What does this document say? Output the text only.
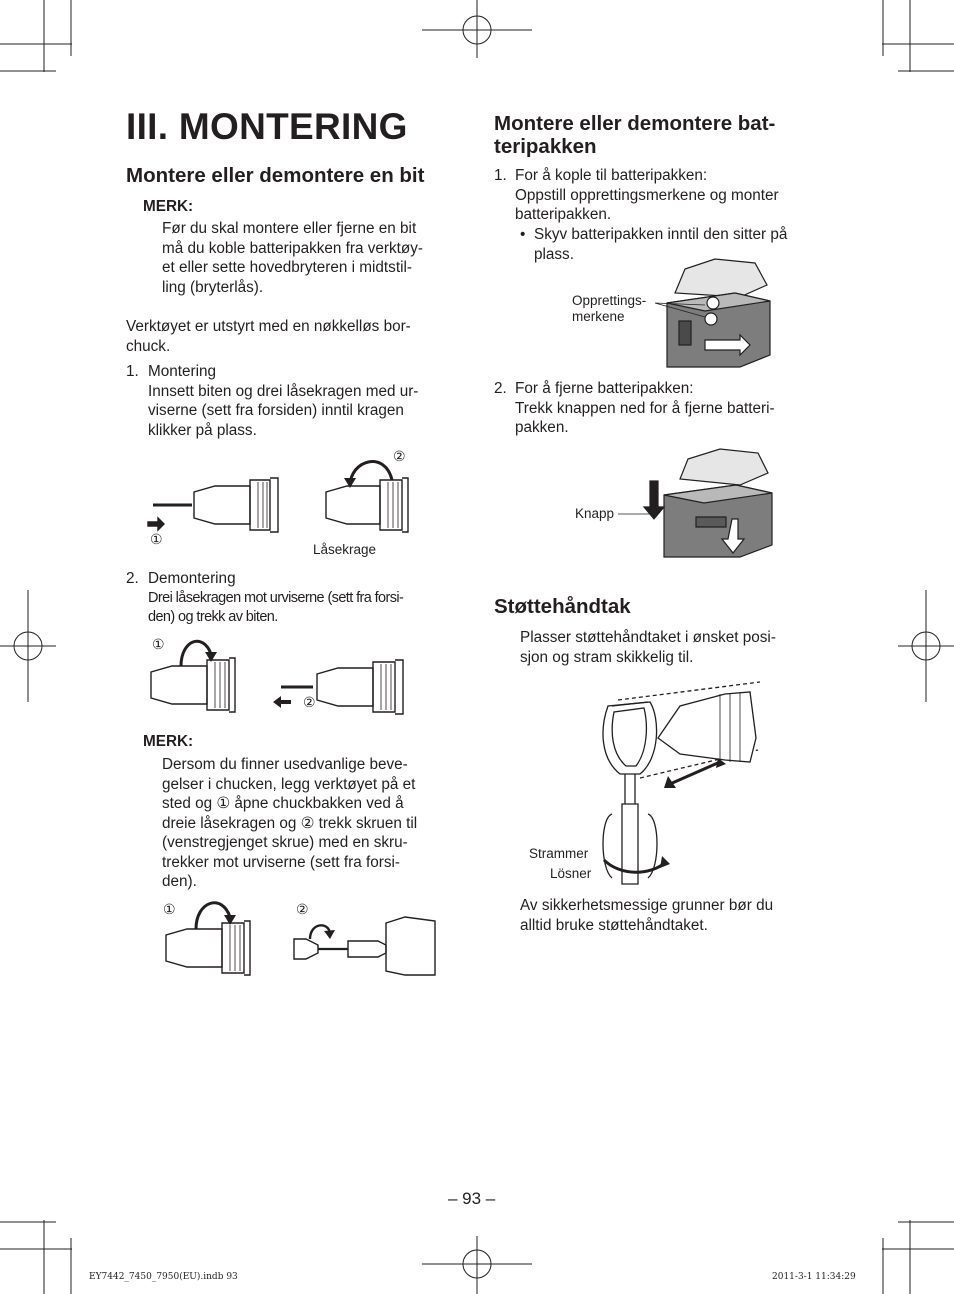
III. MONTERING
Montere eller demontere en bit
MERK:
Før du skal montere eller fjerne en bit
må du koble batteripakken fra verktøy-
et eller sette hovedbryteren i midtstil-
ling (bryterlås).
Verktøyet er utstyrt med en nøkkelløs bor-
chuck.
1. Montering
Innsett biten og drei låsekragen med ur-
viserne (sett fra forsiden) inntil kragen
klikker på plass.
①
②
Låsekrage
2. Demontering
Drei låsekragen mot urviserne (sett fra forsi-
den) og trekk av biten.
①
②
MERK:
Dersom du finner usedvanlige beve-
gelser i chucken, legg verktøyet på et
sted og ① åpne chuckbakken ved å
dreie låsekragen og ② trekk skruen til
(venstregjenget skrue) med en skru-
trekker mot urviserne (sett fra forsi-
den).
①	②
Montere eller demontere bat-
teripakken
1. For å kople til batteripakken:
Oppstill opprettingsmerkene og monter
batteripakken.
• Skyv batteripakken inntil den sitter på
plass.
Opprettings-
merkene
2. For å fjerne batteripakken:
Trekk knappen ned for å fjerne batteri-
pakken.
Knapp
Støttehåndtak
Plasser støttehåndtaket i ønsket posi-
sjon og stram skikkelig til.
Strammer
Lösner
Av sikkerhetsmessige grunner bør du
alltid bruke støttehåndtaket.
– 93 –
EY7442_7450_7950(EU).indb 93	2011-3-1 11:34:29
